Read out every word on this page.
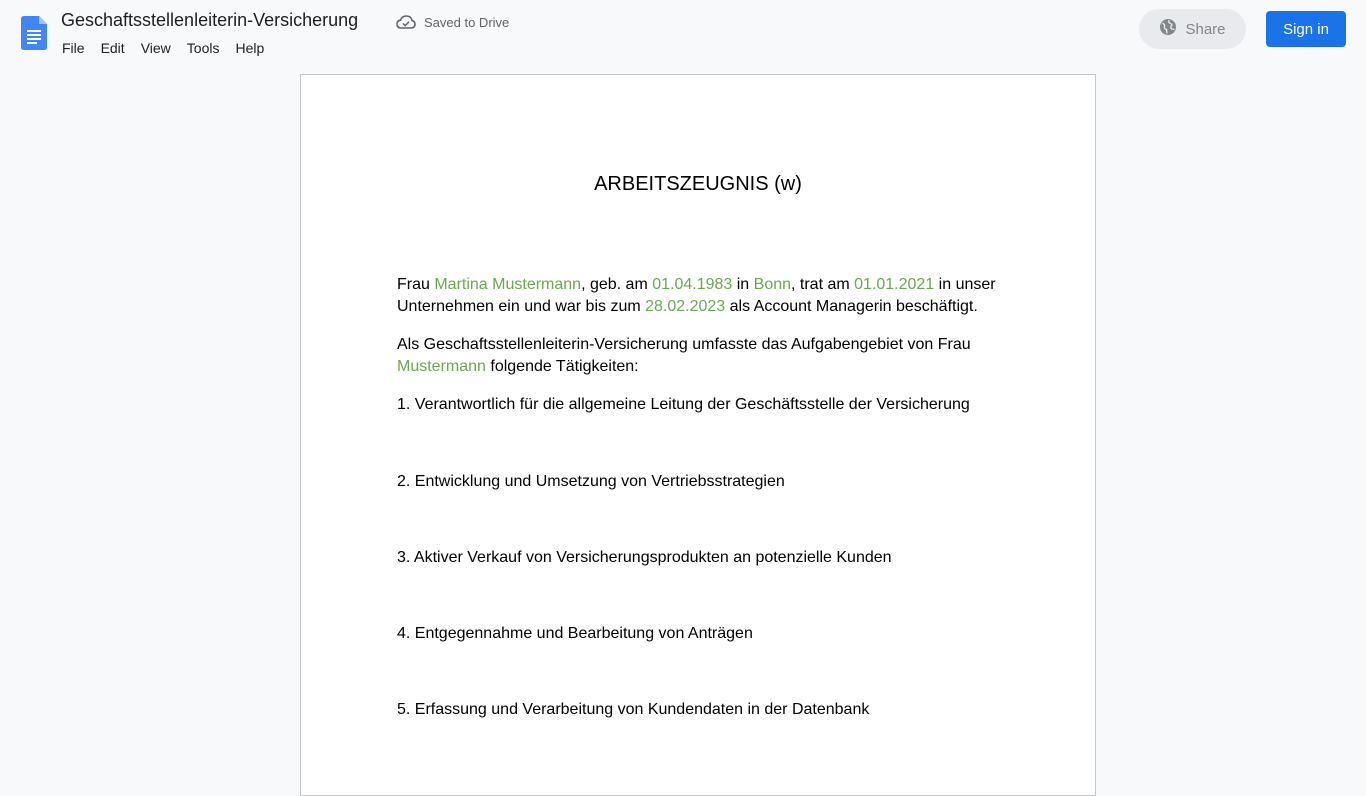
Geschaftsstellenleiterin-Versicherung	Saved to Drive
File	Edit	View	Tools	Help
Share	Sign in
ARBEITSZEUGNIS (w)
Frau Martina Mustermann, geb. am 01.04.1983 in Bonn, trat am 01.01.2021 in unser Unternehmen ein und war bis zum 28.02.2023 als Account Managerin beschäftigt.
Als Geschaftsstellenleiterin-Versicherung umfasste das Aufgabengebiet von Frau Mustermann folgende Tätigkeiten:
1. Verantwortlich für die allgemeine Leitung der Geschäftsstelle der Versicherung
2. Entwicklung und Umsetzung von Vertriebsstrategien
3. Aktiver Verkauf von Versicherungsprodukten an potenzielle Kunden
4. Entgegennahme und Bearbeitung von Anträgen
5. Erfassung und Verarbeitung von Kundendaten in der Datenbank
